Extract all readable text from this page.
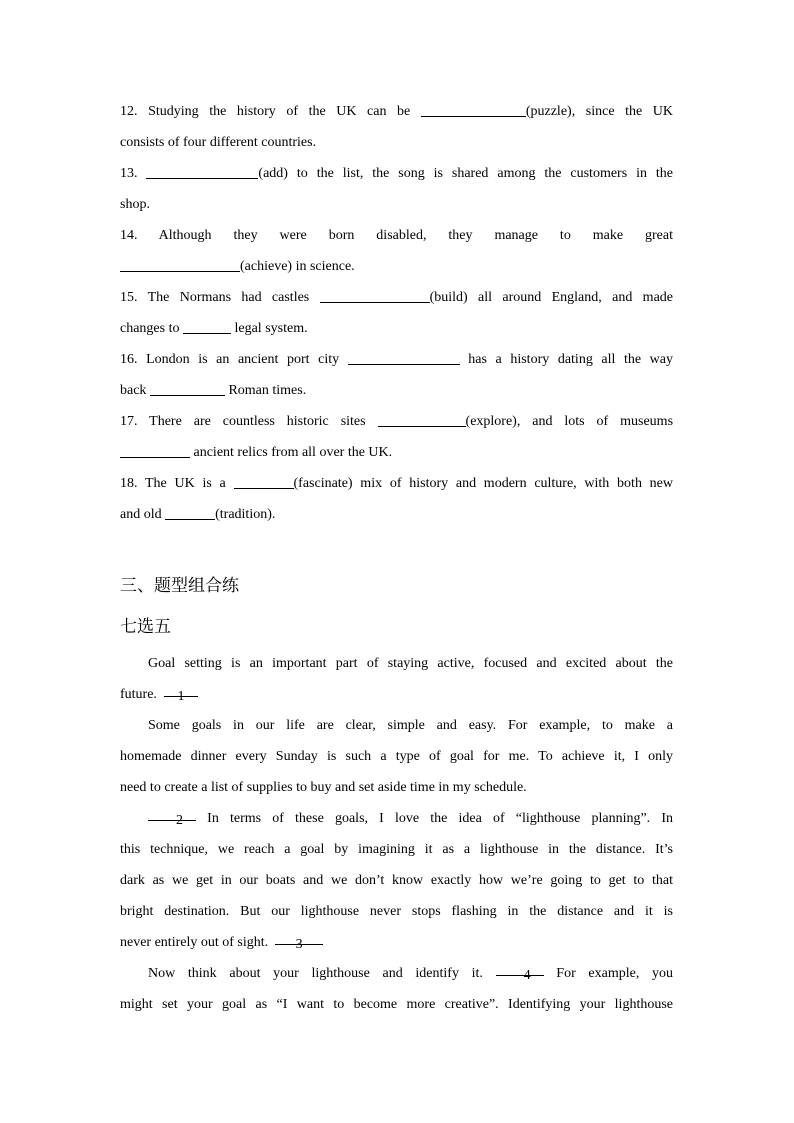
12. Studying the history of the UK can be	(puzzle), since the UK
consists of four different countries.
13.	(add) to the list, the song is shared among the customers in the
shop.
14. Although they were born disabled, they manage to make great
(achieve) in science.
15. The Normans had castles	(build) all around England, and made
changes to	legal system.
16. London is an ancient port city	has a history dating all the way
back	Roman times.
17. There are countless historic sites	(explore), and lots of museums
ancient relics from all over the UK.
18. The UK is a	(fascinate) mix of history and modern culture, with both new
and old	(tradition).
三、题型组合练
七选五
Goal setting is an important part of staying active, focused and excited about the
future. 1
Some goals in our life are clear, simple and easy. For example, to make a
homemade dinner every Sunday is such a type of goal for me. To achieve it, I only
need to create a list of supplies to buy and set aside time in my schedule.
2 In terms of these goals, I love the idea of “lighthouse planning”. In
this technique, we reach a goal by imagining it as a lighthouse in the distance. It’s
dark as we get in our boats and we don’t know exactly how we’re going to get to that
bright destination. But our lighthouse never stops flashing in the distance and it is
never entirely out of sight. 3
Now think about your lighthouse and identify it.	4 For example, you
might set your goal as “I want to become more creative”. Identifying your lighthouse
